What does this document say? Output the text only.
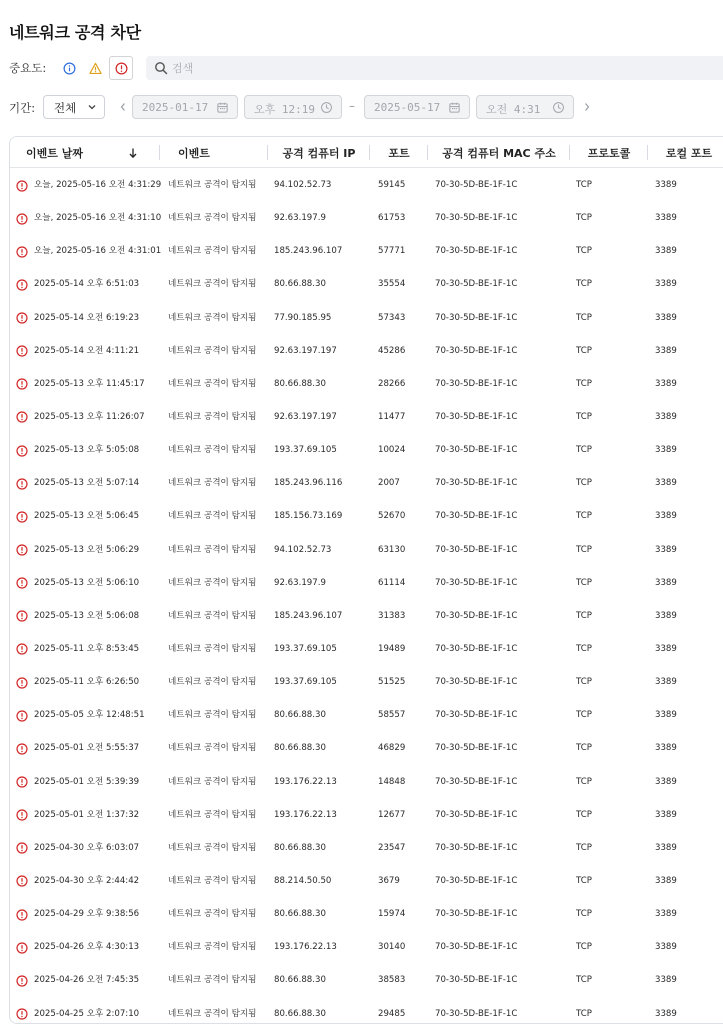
네트워크 공격 차단
중요도:
검색
기간: 전체	2025-01-17	오후 12:19	– 2025-05-17	오전 4:31
이벤트 날짜	이벤트	공격 컴퓨터 IP	포트	공격 컴퓨터 MAC 주소	프로토콜	로컬 포트
오늘, 2025-05-16 오전 4:31:29 네트워크 공격이 탐지됨 94.102.52.73	59145	70-30-5D-BE-1F-1C	TCP	3389
오늘, 2025-05-16 오전 4:31:10 네트워크 공격이 탐지됨 92.63.197.9	61753	70-30-5D-BE-1F-1C	TCP	3389
오늘, 2025-05-16 오전 4:31:01 네트워크 공격이 탐지됨 185.243.96.107	57771	70-30-5D-BE-1F-1C	TCP	3389
2025-05-14 오후 6:51:03	네트워크 공격이 탐지됨 80.66.88.30	35554	70-30-5D-BE-1F-1C	TCP	3389
2025-05-14 오전 6:19:23	네트워크 공격이 탐지됨 77.90.185.95	57343	70-30-5D-BE-1F-1C	TCP	3389
2025-05-14 오전 4:11:21	네트워크 공격이 탐지됨 92.63.197.197	45286	70-30-5D-BE-1F-1C	TCP	3389
2025-05-13 오후 11:45:17	네트워크 공격이 탐지됨 80.66.88.30	28266	70-30-5D-BE-1F-1C	TCP	3389
2025-05-13 오후 11:26:07	네트워크 공격이 탐지됨 92.63.197.197	11477	70-30-5D-BE-1F-1C	TCP	3389
2025-05-13 오후 5:05:08	네트워크 공격이 탐지됨 193.37.69.105	10024	70-30-5D-BE-1F-1C	TCP	3389
2025-05-13 오전 5:07:14	네트워크 공격이 탐지됨 185.243.96.116	2007	70-30-5D-BE-1F-1C	TCP	3389
2025-05-13 오전 5:06:45	네트워크 공격이 탐지됨 185.156.73.169	52670	70-30-5D-BE-1F-1C	TCP	3389
2025-05-13 오전 5:06:29	네트워크 공격이 탐지됨 94.102.52.73	63130	70-30-5D-BE-1F-1C	TCP	3389
2025-05-13 오전 5:06:10	네트워크 공격이 탐지됨 92.63.197.9	61114	70-30-5D-BE-1F-1C	TCP	3389
2025-05-13 오전 5:06:08	네트워크 공격이 탐지됨 185.243.96.107	31383	70-30-5D-BE-1F-1C	TCP	3389
2025-05-11 오후 8:53:45	네트워크 공격이 탐지됨 193.37.69.105	19489	70-30-5D-BE-1F-1C	TCP	3389
2025-05-11 오후 6:26:50	네트워크 공격이 탐지됨 193.37.69.105	51525	70-30-5D-BE-1F-1C	TCP	3389
2025-05-05 오후 12:48:51	네트워크 공격이 탐지됨 80.66.88.30	58557	70-30-5D-BE-1F-1C	TCP	3389
2025-05-01 오전 5:55:37	네트워크 공격이 탐지됨 80.66.88.30	46829	70-30-5D-BE-1F-1C	TCP	3389
2025-05-01 오전 5:39:39	네트워크 공격이 탐지됨 193.176.22.13	14848	70-30-5D-BE-1F-1C	TCP	3389
2025-05-01 오전 1:37:32	네트워크 공격이 탐지됨 193.176.22.13	12677	70-30-5D-BE-1F-1C	TCP	3389
2025-04-30 오후 6:03:07	네트워크 공격이 탐지됨 80.66.88.30	23547	70-30-5D-BE-1F-1C	TCP	3389
2025-04-30 오후 2:44:42	네트워크 공격이 탐지됨 88.214.50.50	3679	70-30-5D-BE-1F-1C	TCP	3389
2025-04-29 오후 9:38:56	네트워크 공격이 탐지됨 80.66.88.30	15974	70-30-5D-BE-1F-1C	TCP	3389
2025-04-26 오후 4:30:13	네트워크 공격이 탐지됨 193.176.22.13	30140	70-30-5D-BE-1F-1C	TCP	3389
2025-04-26 오전 7:45:35	네트워크 공격이 탐지됨 80.66.88.30	38583	70-30-5D-BE-1F-1C	TCP	3389
2025-04-25 오후 2:07:10	네트워크 공격이 탐지됨 80.66.88.30	29485	70-30-5D-BE-1F-1C	TCP	3389
